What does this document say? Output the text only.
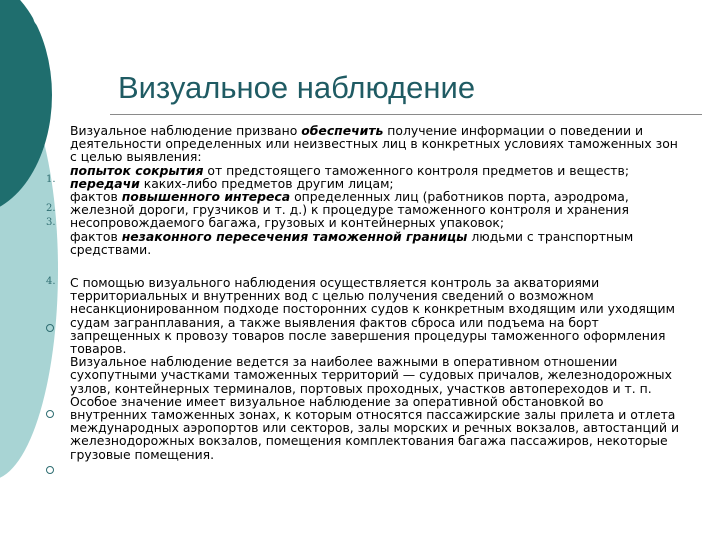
Визуальное наблюдение
1.
2.
3.
4.

Визуальное наблюдение призвано обеспечить получение информации о поведении и деятельности определенных или неизвестных лиц в конкретных условиях таможенных зон с целью выявления:

попыток сокрытия от предстоящего таможенного контроля предметов и веществ;

передачи каких-либо предметов другим лицам;

фактов повышенного интереса определенных лиц (работников порта, аэродрома, железной дороги, грузчиков и т. д.) к процедуре таможенного контроля и хранения несопровождаемого багажа, грузовых и контейнерных упаковок;

фактов незаконного пересечения таможенной границы людьми с транспортным средствами.

С помощью визуального наблюдения осуществляется контроль за акваториями территориальных и внутренних вод с целью получения сведений о возможном несанкционированном подходе посторонних судов к конкретным входящим или уходящим судам загранплавания, а также выявления фактов сброса или подъема на борт запрещенных к провозу товаров после завершения процедуры таможенного оформления товаров.

Визуальное наблюдение ведется за наиболее важными в оперативном отношении сухопутными участками таможенных территорий — судовых причалов, железнодорожных узлов, контейнерных терминалов, портовых проходных, участков автопереходов и т. п.

Особое значение имеет визуальное наблюдение за оперативной обстановкой во внутренних таможенных зонах, к которым относятся пассажирские залы прилета и отлета международных аэропортов или секторов, залы морских и речных вокзалов, автостанций и железнодорожных вокзалов, помещения комплектования багажа пассажиров, некоторые грузовые помещения.
